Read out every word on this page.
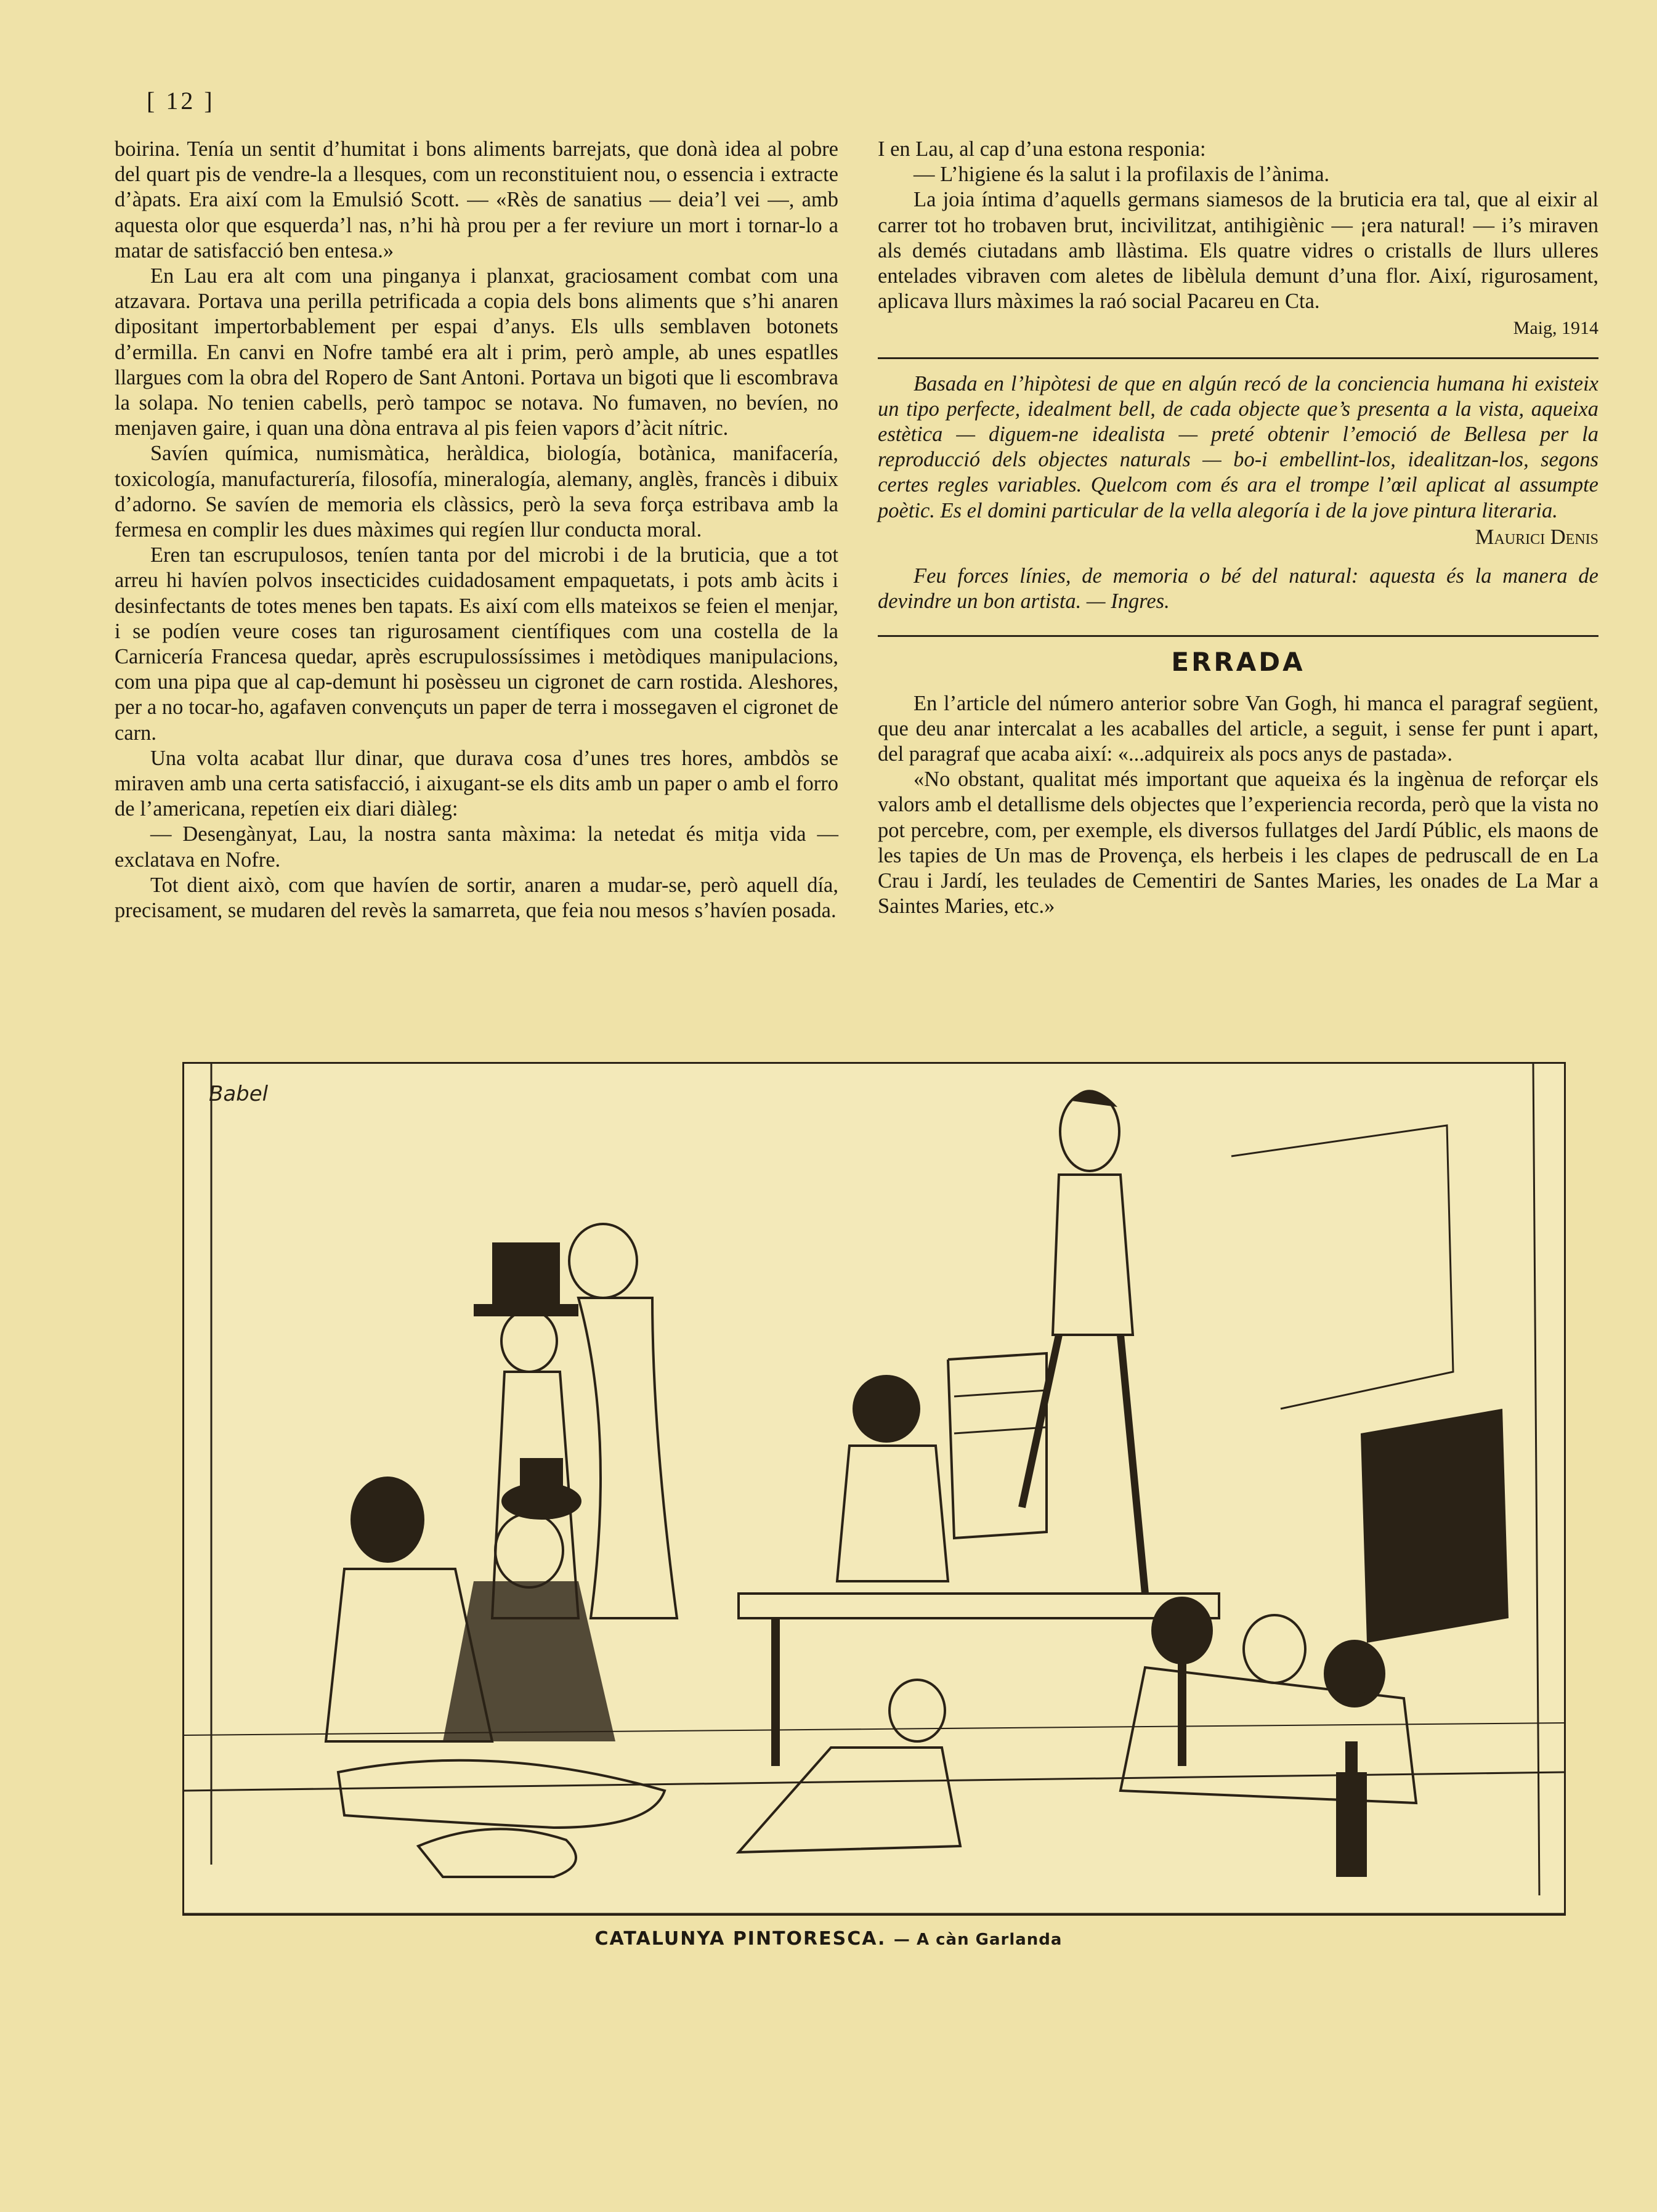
[ 12 ]

boirina. Tenía un sentit d’humitat i bons aliments barrejats, que donà idea al pobre del quart pis de vendre-la a llesques, com un reconstituient nou, o essencia i extracte d’àpats. Era així com la Emulsió Scott. — «Rès de sanatius — deia’l vei —, amb aquesta olor que esquerda’l nas, n’hi hà prou per a fer reviure un mort i tornar-lo a matar de satisfacció ben entesa.»

En Lau era alt com una pinganya i planxat, graciosament combat com una atzavara. Portava una perilla petrificada a copia dels bons aliments que s’hi anaren dipositant impertorbablement per espai d’anys. Els ulls semblaven botonets d’ermilla. En canvi en Nofre també era alt i prim, però ample, ab unes espatlles llargues com la obra del Ropero de Sant Antoni. Portava un bigoti que li escombrava la solapa. No tenien cabells, però tampoc se notava. No fumaven, no bevíen, no menjaven gaire, i quan una dòna entrava al pis feien vapors d’àcit nítric.

Savíen química, numismàtica, heràldica, biología, botànica, manifacería, toxicología, manufacturería, filosofía, mineralogía, alemany, anglès, francès i dibuix d’adorno. Se savíen de memoria els clàssics, però la seva força estribava amb la fermesa en complir les dues màximes qui regíen llur conducta moral.

Eren tan escrupulosos, teníen tanta por del microbi i de la bruticia, que a tot arreu hi havíen polvos insecticides cuidadosament empaquetats, i pots amb àcits i desinfectants de totes menes ben tapats. Es així com ells mateixos se feien el menjar, i se podíen veure coses tan rigurosament científiques com una costella de la Carnicería Francesa quedar, après escrupulossíssimes i metòdiques manipulacions, com una pipa que al cap-demunt hi posèsseu un cigronet de carn rostida. Aleshores, per a no tocar-ho, agafaven convençuts un paper de terra i mossegaven el cigronet de carn.

Una volta acabat llur dinar, que durava cosa d’unes tres hores, ambdòs se miraven amb una certa satisfacció, i aixugant-se els dits amb un paper o amb el forro de l’americana, repetíen eix diari diàleg:

— Desengànyat, Lau, la nostra santa màxima: la netedat és mitja vida — exclatava en Nofre.

Tot dient això, com que havíen de sortir, anaren a mudar-se, però aquell día, precisament, se mudaren del revès la samarreta, que feia nou mesos s’havíen posada.

I en Lau, al cap d’una estona responia:

— L’higiene és la salut i la profilaxis de l’ànima.

La joia íntima d’aquells germans siamesos de la bruticia era tal, que al eixir al carrer tot ho trobaven brut, incivilitzat, antihigiènic — ¡era natural! — i’s miraven als demés ciutadans amb llàstima. Els quatre vidres o cristalls de llurs ulleres entelades vibraven com aletes de libèlula demunt d’una flor. Així, rigurosament, aplicava llurs màximes la raó social Pacareu en Cta.

Maig, 1914

Basada en l’hipòtesi de que en algún recó de la conciencia humana hi existeix un tipo perfecte, idealment bell, de cada objecte que’s presenta a la vista, aqueixa estètica — diguem-ne idealista — preté obtenir l’emoció de Bellesa per la reproducció dels objectes naturals — bo-i embellint-los, idealitzan-los, segons certes regles variables. Quelcom com és ara el trompe l’œil aplicat al assumpte poètic. Es el domini particular de la vella alegoría i de la jove pintura literaria.

Maurici Denis

Feu forces línies, de memoria o bé del natural: aquesta és la manera de devindre un bon artista. — Ingres.

ERRADA

En l’article del número anterior sobre Van Gogh, hi manca el paragraf següent, que deu anar intercalat a les acaballes del article, a seguit, i sense fer punt i apart, del paragraf que acaba així: «...adquireix als pocs anys de pastada».

«No obstant, qualitat més important que aqueixa és la ingènua de reforçar els valors amb el detallisme dels objectes que l’experiencia recorda, però que la vista no pot percebre, com, per exemple, els diversos fullatges del Jardí Públic, els maons de les tapies de Un mas de Provença, els herbeis i les clapes de pedruscall de en La Crau i Jardí, les teulades de Cementiri de Santes Maries, les onades de La Mar a Saintes Maries, etc.»

Babel
CATALUNYA PINTORESCA. — A càn Garlanda
